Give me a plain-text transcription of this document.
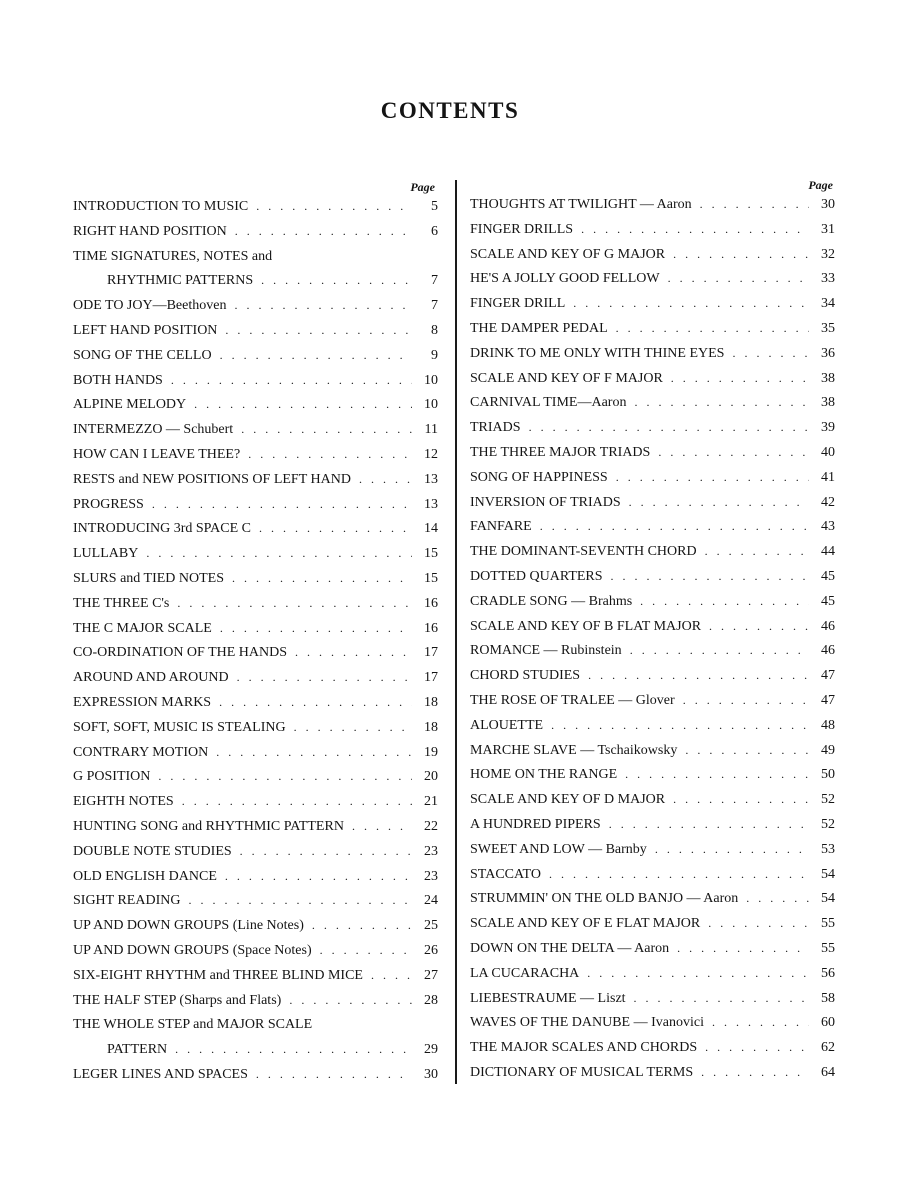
CONTENTS
Page
INTRODUCTION TO MUSIC . . .	5
RIGHT HAND POSITION . . .	6
TIME SIGNATURES, NOTES and
RHYTHMIC PATTERNS . . .	7
ODE TO JOY—Beethoven . . .	7
LEFT HAND POSITION . . .	8
SONG OF THE CELLO . . .	9
BOTH HANDS . . .	10
ALPINE MELODY . . .	10
INTERMEZZO — Schubert . . .	11
HOW CAN I LEAVE THEE? . . .	12
RESTS and NEW POSITIONS OF LEFT HAND . . .	13
PROGRESS . . .	13
INTRODUCING 3rd SPACE C . . .	14
LULLABY . . .	15
SLURS and TIED NOTES . . .	15
THE THREE C's . . .	16
THE C MAJOR SCALE . . .	16
CO-ORDINATION OF THE HANDS . . .	17
AROUND AND AROUND . . .	17
EXPRESSION MARKS . . .	18
SOFT, SOFT, MUSIC IS STEALING . . .	18
CONTRARY MOTION . . .	19
G POSITION . . .	20
EIGHTH NOTES . . .	21
HUNTING SONG and RHYTHMIC PATTERN . . .	22
DOUBLE NOTE STUDIES . . .	23
OLD ENGLISH DANCE . . .	23
SIGHT READING . . .	24
UP AND DOWN GROUPS (Line Notes) . . .	25
UP AND DOWN GROUPS (Space Notes) . . .	26
SIX-EIGHT RHYTHM and THREE BLIND MICE . . .	27
THE HALF STEP (Sharps and Flats) . . .	28
THE WHOLE STEP and MAJOR SCALE
PATTERN . . .	29
LEGER LINES AND SPACES . . .	30
Page
THOUGHTS AT TWILIGHT — Aaron . . .	30
FINGER DRILLS . . .	31
SCALE AND KEY OF G MAJOR . . .	32
HE'S A JOLLY GOOD FELLOW . . .	33
FINGER DRILL . . .	34
THE DAMPER PEDAL . . .	35
DRINK TO ME ONLY WITH THINE EYES . . .	36
SCALE AND KEY OF F MAJOR . . .	38
CARNIVAL TIME—Aaron . . .	38
TRIADS . . .	39
THE THREE MAJOR TRIADS . . .	40
SONG OF HAPPINESS . . .	41
INVERSION OF TRIADS . . .	42
FANFARE . . .	43
THE DOMINANT-SEVENTH CHORD . . .	44
DOTTED QUARTERS . . .	45
CRADLE SONG — Brahms . . .	45
SCALE AND KEY OF B FLAT MAJOR . . .	46
ROMANCE — Rubinstein . . .	46
CHORD STUDIES . . .	47
THE ROSE OF TRALEE — Glover . . .	47
ALOUETTE . . .	48
MARCHE SLAVE — Tschaikowsky . . .	49
HOME ON THE RANGE . . .	50
SCALE AND KEY OF D MAJOR . . .	52
A HUNDRED PIPERS . . .	52
SWEET AND LOW — Barnby . . .	53
STACCATO . . .	54
STRUMMIN' ON THE OLD BANJO — Aaron . . .	54
SCALE AND KEY OF E FLAT MAJOR . . .	55
DOWN ON THE DELTA — Aaron . . .	55
LA CUCARACHA . . .	56
LIEBESTRAUME — Liszt . . .	58
WAVES OF THE DANUBE — Ivanovici . . .	60
THE MAJOR SCALES AND CHORDS . . .	62
DICTIONARY OF MUSICAL TERMS . . .	64
